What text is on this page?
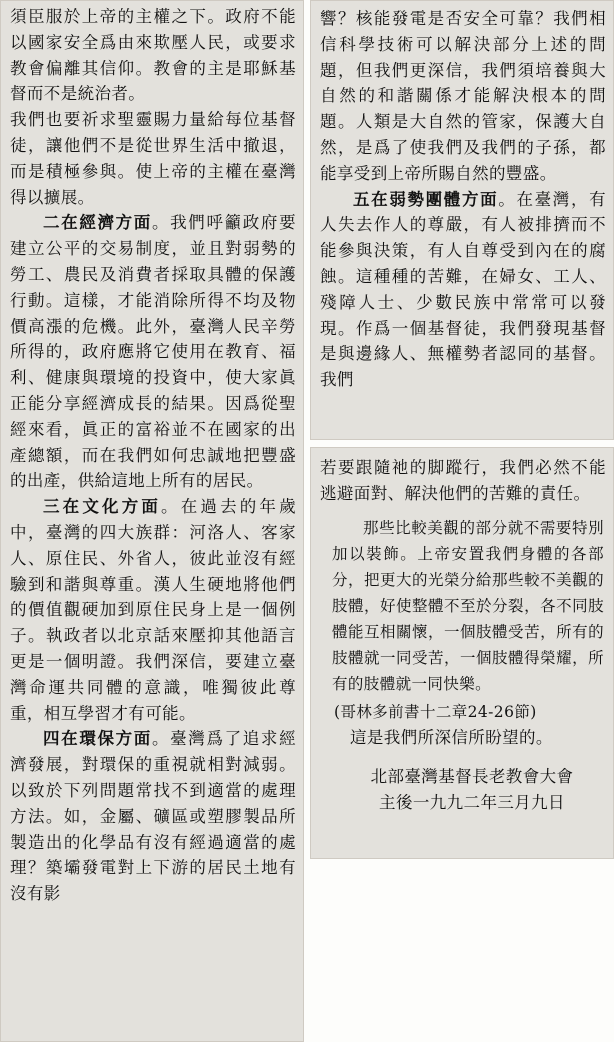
須臣服於上帝的主權之下。政府不能以國家安全爲由來欺壓人民，或要求教會偏離其信仰。教會的主是耶穌基督而不是統治者。

我們也要祈求聖靈賜力量給每位基督徒，讓他們不是從世界生活中撤退，而是積極參與。使上帝的主權在臺灣得以擴展。

二在經濟方面。我們呼籲政府要建立公平的交易制度，並且對弱勢的勞工、農民及消費者採取具體的保護行動。這樣，才能消除所得不均及物價高漲的危機。此外，臺灣人民辛勞所得的，政府應將它使用在教育、福利、健康與環境的投資中，使大家眞正能分享經濟成長的結果。因爲從聖經來看，眞正的富裕並不在國家的出產總額，而在我們如何忠誠地把豐盛的出產，供給這地上所有的居民。

三在文化方面。在過去的年歲中，臺灣的四大族群：河洛人、客家人、原住民、外省人，彼此並沒有經驗到和諧與尊重。漢人生硬地將他們的價值觀硬加到原住民身上是一個例子。執政者以北京話來壓抑其他語言更是一個明證。我們深信，要建立臺灣命運共同體的意識，唯獨彼此尊重，相互學習才有可能。

四在環保方面。臺灣爲了追求經濟發展，對環保的重視就相對減弱。以致於下列問題常找不到適當的處理方法。如，金屬、礦區或塑膠製品所製造出的化學品有沒有經過適當的處理？築壩發電對上下游的居民土地有沒有影

響？核能發電是否安全可靠？我們相信科學技術可以解決部分上述的問題，但我們更深信，我們須培養與大自然的和諧關係才能解決根本的問題。人類是大自然的管家，保護大自然，是爲了使我們及我們的子孫，都能享受到上帝所賜自然的豐盛。

五在弱勢團體方面。在臺灣，有人失去作人的尊嚴，有人被排擠而不能參與決策，有人自尊受到內在的腐蝕。這種種的苦難，在婦女、工人、殘障人士、少數民族中常常可以發現。作爲一個基督徒，我們發現基督是與邊緣人、無權勢者認同的基督。我們

若要跟隨祂的脚蹤行，我們必然不能逃避面對、解決他們的苦難的責任。

那些比較美觀的部分就不需要特別加以裝飾。上帝安置我們身體的各部分，把更大的光榮分給那些較不美觀的肢體，好使整體不至於分裂，各不同肢體能互相關懷，一個肢體受苦，所有的肢體就一同受苦，一個肢體得榮耀，所有的肢體就一同快樂。

(哥林多前書十二章24-26節)

這是我們所深信所盼望的。

北部臺灣基督長老教會大會

主後一九九二年三月九日
